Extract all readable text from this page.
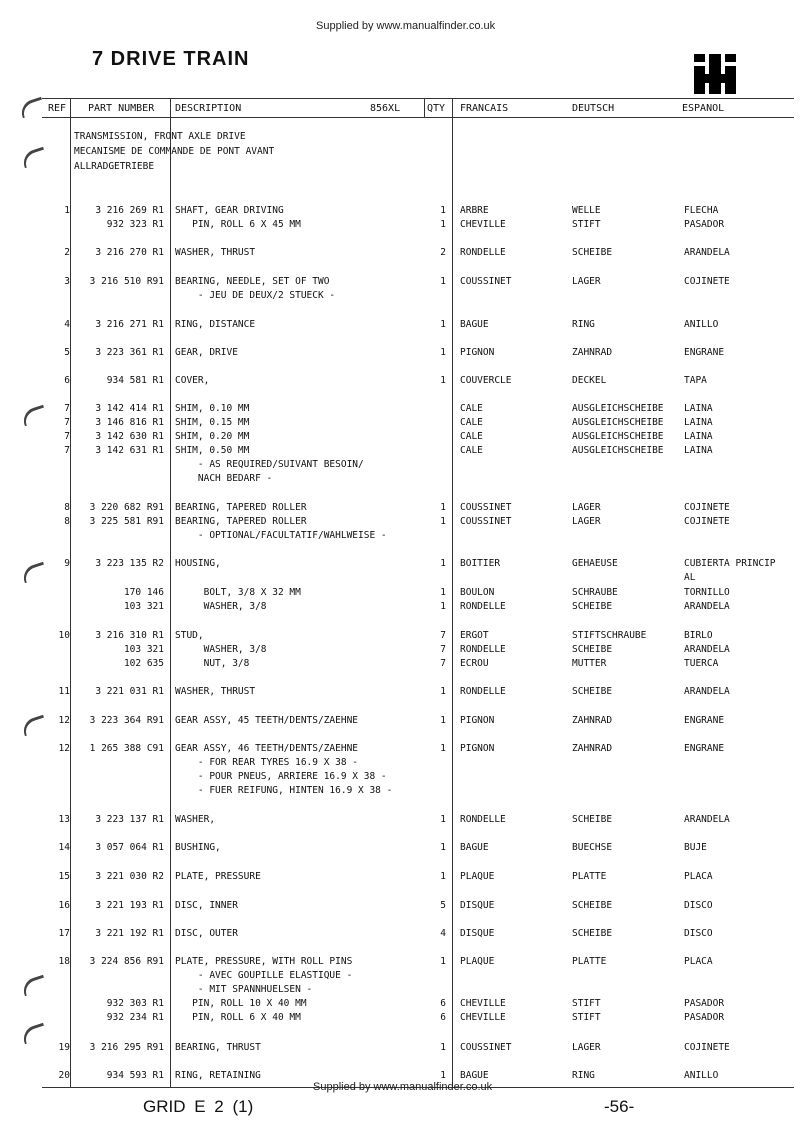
Supplied by www.manualfinder.co.uk
7 DRIVE TRAIN
REF PART NUMBER DESCRIPTION	856XL	QTY FRANCAIS	DEUTSCH	ESPANOL
TRANSMISSION, FRONT AXLE DRIVE
MECANISME DE COMMANDE DE PONT AVANT
ALLRADGETRIEBE
1	3 216 269 R1 SHAFT, GEAR DRIVING	1 ARBRE	WELLE	FLECHA
932 323 R1 PIN, ROLL 6 X 45 MM	1 CHEVILLE	STIFT	PASADOR
2	3 216 270 R1 WASHER, THRUST	2 RONDELLE	SCHEIBE	ARANDELA
3	3 216 510 R91 BEARING, NEEDLE, SET OF TWO	1 COUSSINET	LAGER	COJINETE
- JEU DE DEUX/2 STUECK -
4	3 216 271 R1 RING, DISTANCE	1 BAGUE	RING	ANILLO
5	3 223 361 R1 GEAR, DRIVE	1 PIGNON	ZAHNRAD	ENGRANE
6	934 581 R1 COVER,	1 COUVERCLE	DECKEL	TAPA
7	3 142 414 R1 SHIM, 0.10 MM	CALE	AUSGLEICHSCHEIBE LAINA
7	3 146 816 R1 SHIM, 0.15 MM	CALE	AUSGLEICHSCHEIBE LAINA
7	3 142 630 R1 SHIM, 0.20 MM	CALE	AUSGLEICHSCHEIBE LAINA
7	3 142 631 R1 SHIM, 0.50 MM	CALE	AUSGLEICHSCHEIBE LAINA
- AS REQUIRED/SUIVANT BESOIN/
NACH BEDARF -
8	3 220 682 R91 BEARING, TAPERED ROLLER	1 COUSSINET	LAGER	COJINETE
8	3 225 581 R91 BEARING, TAPERED ROLLER	1 COUSSINET	LAGER	COJINETE
- OPTIONAL/FACULTATIF/WAHLWEISE -
9	3 223 135 R2 HOUSING,	1 BOITIER	GEHAEUSE	CUBIERTA PRINCIP
AL
170 146 BOLT, 3/8 X 32 MM	1 BOULON	SCHRAUBE	TORNILLO
103 321 WASHER, 3/8	1 RONDELLE	SCHEIBE	ARANDELA
10	3 216 310 R1 STUD,	7 ERGOT	STIFTSCHRAUBE	BIRLO
103 321 WASHER, 3/8	7 RONDELLE	SCHEIBE	ARANDELA
102 635 NUT, 3/8	7 ECROU	MUTTER	TUERCA
11	3 221 031 R1 WASHER, THRUST	1 RONDELLE	SCHEIBE	ARANDELA
12	3 223 364 R91 GEAR ASSY, 45 TEETH/DENTS/ZAEHNE	1 PIGNON	ZAHNRAD	ENGRANE
12	1 265 388 C91 GEAR ASSY, 46 TEETH/DENTS/ZAEHNE	1 PIGNON	ZAHNRAD	ENGRANE
- FOR REAR TYRES 16.9 X 38 -
- POUR PNEUS, ARRIERE 16.9 X 38 -
- FUER REIFUNG, HINTEN 16.9 X 38 -
13	3 223 137 R1 WASHER,	1 RONDELLE	SCHEIBE	ARANDELA
14	3 057 064 R1 BUSHING,	1 BAGUE	BUECHSE	BUJE
15	3 221 030 R2 PLATE, PRESSURE	1 PLAQUE	PLATTE	PLACA
16	3 221 193 R1 DISC, INNER	5 DISQUE	SCHEIBE	DISCO
17	3 221 192 R1 DISC, OUTER	4 DISQUE	SCHEIBE	DISCO
18	3 224 856 R91 PLATE, PRESSURE, WITH ROLL PINS	1 PLAQUE	PLATTE	PLACA
- AVEC GOUPILLE ELASTIQUE -
- MIT SPANNHUELSEN -
932 303 R1 PIN, ROLL 10 X 40 MM	6 CHEVILLE	STIFT	PASADOR
932 234 R1 PIN, ROLL 6 X 40 MM	6 CHEVILLE	STIFT	PASADOR
19	3 216 295 R91 BEARING, THRUST	1 COUSSINET	LAGER	COJINETE
20	934 593 R1 RING, RETAINING	1 BAGUE	RING	ANILLO
Supplied by www.manualfinder.co.uk
GRID E 2 (1)	-56-
